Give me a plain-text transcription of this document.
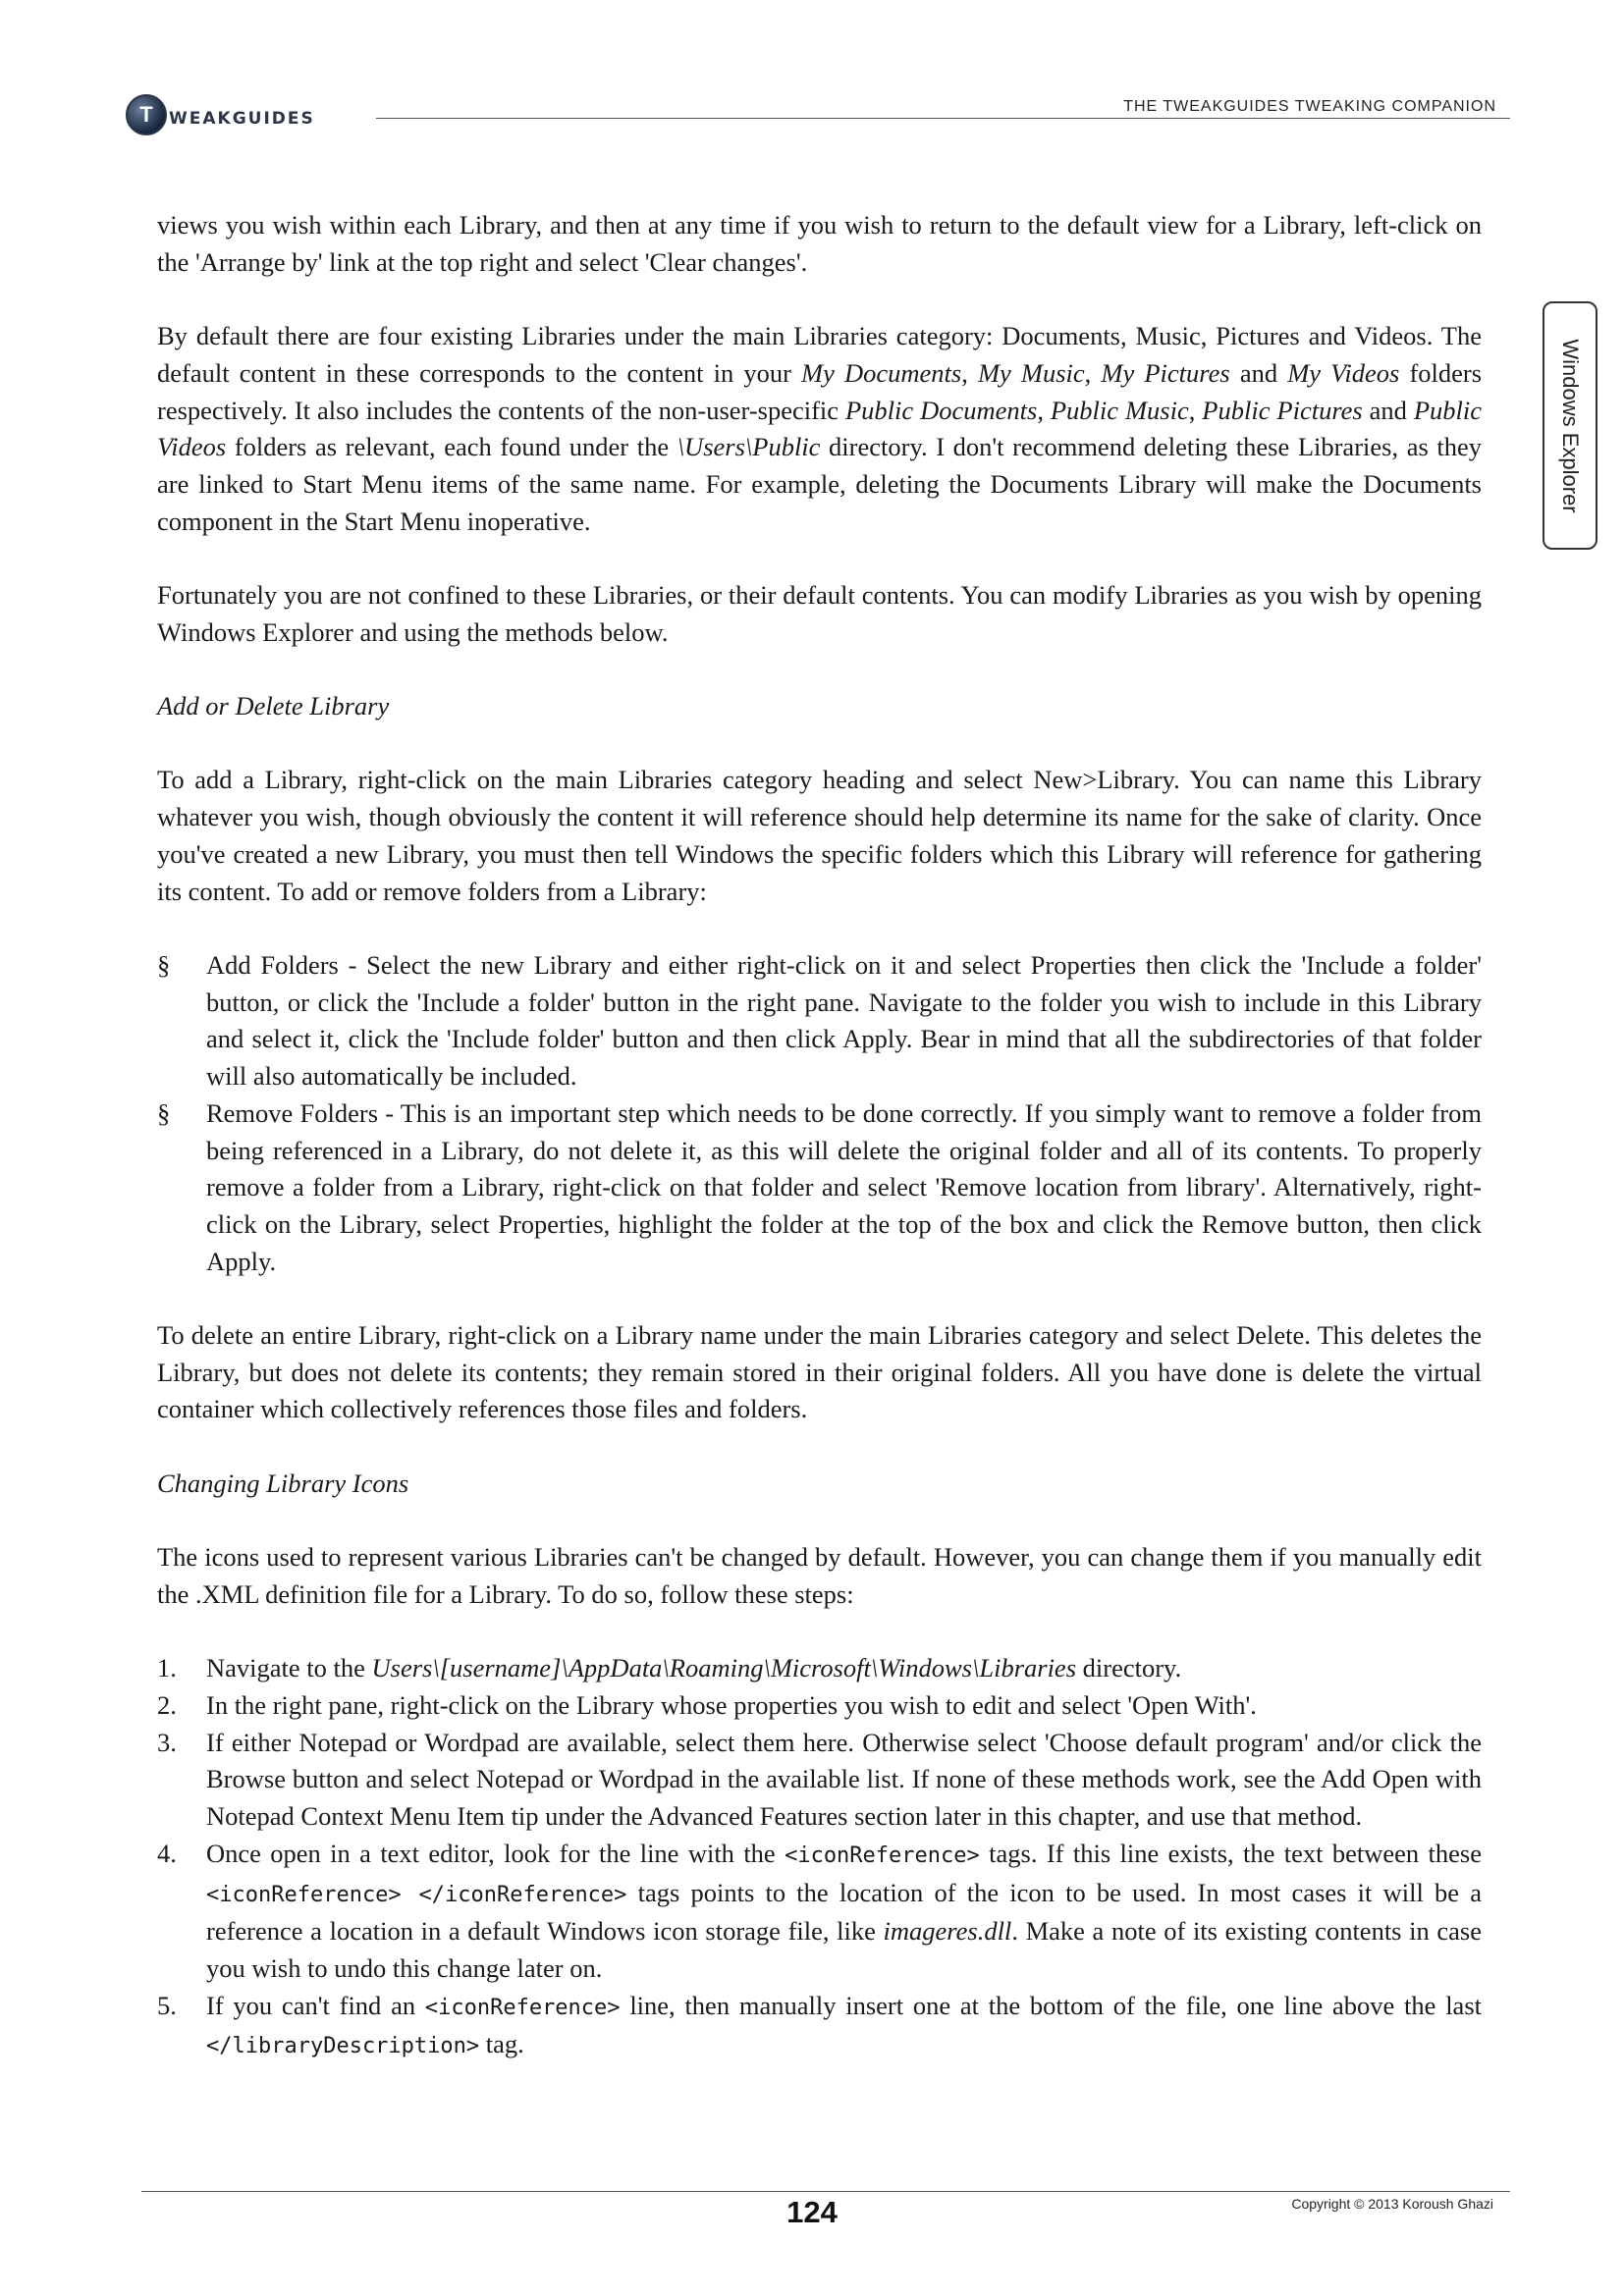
T WEAKGUIDES
THE TWEAKGUIDES TWEAKING COMPANION
Windows Explorer

views you wish within each Library, and then at any time if you wish to return to the default view for a Library, left-click on the 'Arrange by' link at the top right and select 'Clear changes'.

By default there are four existing Libraries under the main Libraries category: Documents, Music, Pictures and Videos. The default content in these corresponds to the content in your My Documents, My Music, My Pictures and My Videos folders respectively. It also includes the contents of the non-user-specific Public Documents, Public Music, Public Pictures and Public Videos folders as relevant, each found under the \Users\Public directory. I don't recommend deleting these Libraries, as they are linked to Start Menu items of the same name. For example, deleting the Documents Library will make the Documents component in the Start Menu inoperative.

Fortunately you are not confined to these Libraries, or their default contents. You can modify Libraries as you wish by opening Windows Explorer and using the methods below.

Add or Delete Library

To add a Library, right-click on the main Libraries category heading and select New>Library. You can name this Library whatever you wish, though obviously the content it will reference should help determine its name for the sake of clarity. Once you've created a new Library, you must then tell Windows the specific folders which this Library will reference for gathering its content. To add or remove folders from a Library:

§ Add Folders - Select the new Library and either right-click on it and select Properties then click the 'Include a folder' button, or click the 'Include a folder' button in the right pane. Navigate to the folder you wish to include in this Library and select it, click the 'Include folder' button and then click Apply. Bear in mind that all the subdirectories of that folder will also automatically be included.
§ Remove Folders - This is an important step which needs to be done correctly. If you simply want to remove a folder from being referenced in a Library, do not delete it, as this will delete the original folder and all of its contents. To properly remove a folder from a Library, right-click on that folder and select 'Remove location from library'. Alternatively, right-click on the Library, select Properties, highlight the folder at the top of the box and click the Remove button, then click Apply.

To delete an entire Library, right-click on a Library name under the main Libraries category and select Delete. This deletes the Library, but does not delete its contents; they remain stored in their original folders. All you have done is delete the virtual container which collectively references those files and folders.

Changing Library Icons

The icons used to represent various Libraries can't be changed by default. However, you can change them if you manually edit the .XML definition file for a Library. To do so, follow these steps:

1. Navigate to the Users\[username]\AppData\Roaming\Microsoft\Windows\Libraries directory.
2. In the right pane, right-click on the Library whose properties you wish to edit and select 'Open With'.
3. If either Notepad or Wordpad are available, select them here. Otherwise select 'Choose default program' and/or click the Browse button and select Notepad or Wordpad in the available list. If none of these methods work, see the Add Open with Notepad Context Menu Item tip under the Advanced Features section later in this chapter, and use that method.
4. Once open in a text editor, look for the line with the <iconReference> tags. If this line exists, the text between these <iconReference> </iconReference> tags points to the location of the icon to be used. In most cases it will be a reference a location in a default Windows icon storage file, like imageres.dll. Make a note of its existing contents in case you wish to undo this change later on.
5. If you can't find an <iconReference> line, then manually insert one at the bottom of the file, one line above the last </libraryDescription> tag.
124	Copyright © 2013 Koroush Ghazi
